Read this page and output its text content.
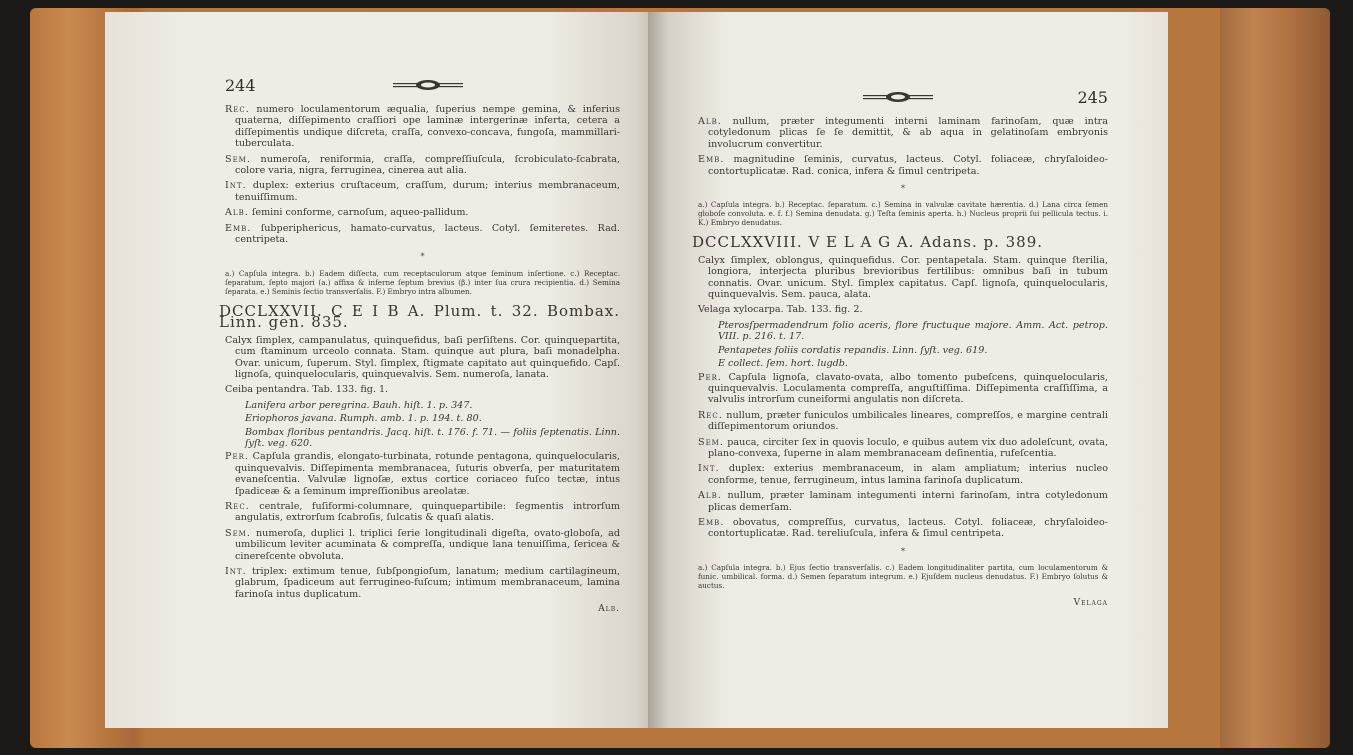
244

Rec. numero loculamentorum æqualia, ſuperius nempe gemina, & inferius quaterna, diſſepimento craſſiori ope laminæ intergerinæ inferta, cetera a diſſepimentis undique diſcreta, craſſa, convexo-concava, fungoſa, mammillari-tuberculata.

Sem. numeroſa, reniformia, craſſa, compreſſiuſcula, ſcrobiculato-ſcabrata, colore varia, nigra, ferruginea, cinerea aut alia.

Int. duplex: exterius cruſtaceum, craſſum, durum; interius membranaceum, tenuiſſimum.

Alb. ſemini conforme, carnoſum, aqueo-pallidum.

Emb. ſubperiphericus, hamato-curvatus, lacteus. Cotyl. ſemiteretes. Rad. centripeta.

*

a.) Capſula integra. b.) Eadem diſſecta, cum receptaculorum atque ſeminum inſertione. c.) Receptac. ſeparatum, ſepto majori (a.) affixa & inferne ſeptum brevius (β.) inter ſua crura recipientia. d.) Semina ſeparata. e.) Seminis ſectio transverſalis. F.) Embryo intra albumen.

DCCLXXVII. C E I B A. Plum. t. 32. Bombax. Linn. gen. 835.

Calyx ſimplex, campanulatus, quinquefidus, baſi perſiſtens. Cor. quinquepartita, cum ſtaminum urceolo connata. Stam. quinque aut plura, baſi monadelpha. Ovar. unicum, ſuperum. Styl. ſimplex, ſtigmate capitato aut quinquefido. Capſ. lignoſa, quinquelocularis, quinquevalvis. Sem. numeroſa, lanata.

Ceiba pentandra. Tab. 133. fig. 1.

Lanifera arbor peregrina. Bauh. hiſt. 1. p. 347.

Eriophoros javana. Rumph. amb. 1. p. 194. t. 80.

Bombax floribus pentandris. Jacq. hiſt. t. 176. f. 71. — foliis ſeptenatis. Linn. ſyſt. veg. 620.

Per. Capſula grandis, elongato-turbinata, rotunde pentagona, quinquelocularis, quinquevalvis. Diſſepimenta membranacea, ſuturis obverſa, per maturitatem evaneſcentia. Valvulæ lignoſæ, extus cortice coriaceo fuſco tectæ, intus ſpadiceæ & a ſeminum impreſſionibus areolatæ.

Rec. centrale, fuſiformi-columnare, quinquepartibile: ſegmentis introrſum angulatis, extrorſum ſcabroſis, ſulcatis & quaſi alatis.

Sem. numeroſa, duplici l. triplici ſerie longitudinali digeſta, ovato-globoſa, ad umbilicum leviter acuminata & compreſſa, undique lana tenuiſſima, ſericea & cinereſcente obvoluta.

Int. triplex: extimum tenue, ſubſpongioſum, lanatum; medium cartilagineum, glabrum, ſpadiceum aut ferrugineo-fuſcum; intimum membranaceum, lamina farinoſa intus duplicatum.

Alb.
245

Alb. nullum, præter integumenti interni laminam farinoſam, quæ intra cotyledonum plicas ſe ſe demittit, & ab aqua in gelatinoſam embryonis involucrum convertitur.

Emb. magnitudine ſeminis, curvatus, lacteus. Cotyl. foliaceæ, chryſaloideo-contortuplicatæ. Rad. conica, infera & ſimul centripeta.

*

a.) Capſula integra. b.) Receptac. ſeparatum. c.) Semina in valvulæ cavitate hærentia. d.) Lana circa ſemen globoſe convoluta. e. f. f.) Semina denudata. g.) Teſta ſeminis aperta. h.) Nucleus proprii ſui pellicula tectus. i. K.) Embryo denudatus.

DCCLXXVIII. V E L A G A. Adans. p. 389.

Calyx ſimplex, oblongus, quinquefidus. Cor. pentapetala. Stam. quinque ſterilia, longiora, interjecta pluribus brevioribus fertilibus: omnibus baſi in tubum connatis. Ovar. unicum. Styl. ſimplex capitatus. Capſ. lignoſa, quinquelocularis, quinquevalvis. Sem. pauca, alata.

Velaga xylocarpa. Tab. 133. fig. 2.

Pterosſpermadendrum folio aceris, flore fructuque majore. Amm. Act. petrop. VIII. p. 216. t. 17.

Pentapetes foliis cordatis repandis. Linn. ſyſt. veg. 619.

E collect. ſem. hort. lugdb.

Per. Capſula lignoſa, clavato-ovata, albo tomento pubeſcens, quinquelocularis, quinquevalvis. Loculamenta compreſſa, anguſtiſſima. Diſſepimenta craſſiſſima, a valvulis introrſum cuneiformi angulatis non diſcreta.

Rec. nullum, præter funiculos umbilicales lineares, compreſſos, e margine centrali diſſepimentorum oriundos.

Sem. pauca, circiter ſex in quovis loculo, e quibus autem vix duo adoleſcunt, ovata, plano-convexa, ſuperne in alam membranaceam deſinentia, rufeſcentia.

Int. duplex: exterius membranaceum, in alam ampliatum; interius nucleo conforme, tenue, ferrugineum, intus lamina farinoſa duplicatum.

Alb. nullum, præter laminam integumenti interni farinoſam, intra cotyledonum plicas demerſam.

Emb. obovatus, compreſſus, curvatus, lacteus. Cotyl. foliaceæ, chryſaloideo-contortuplicatæ. Rad. tereliuſcula, infera & ſimul centripeta.

*

a.) Capſula integra. b.) Ejus ſectio transverſalis. c.) Eadem longitudinaliter partita, cum loculamentorum & funic. umbilical. forma. d.) Semen ſeparatum integrum. e.) Ejuſdem nucleus denudatus. F.) Embryo ſolutus & auctus.

Velaga
